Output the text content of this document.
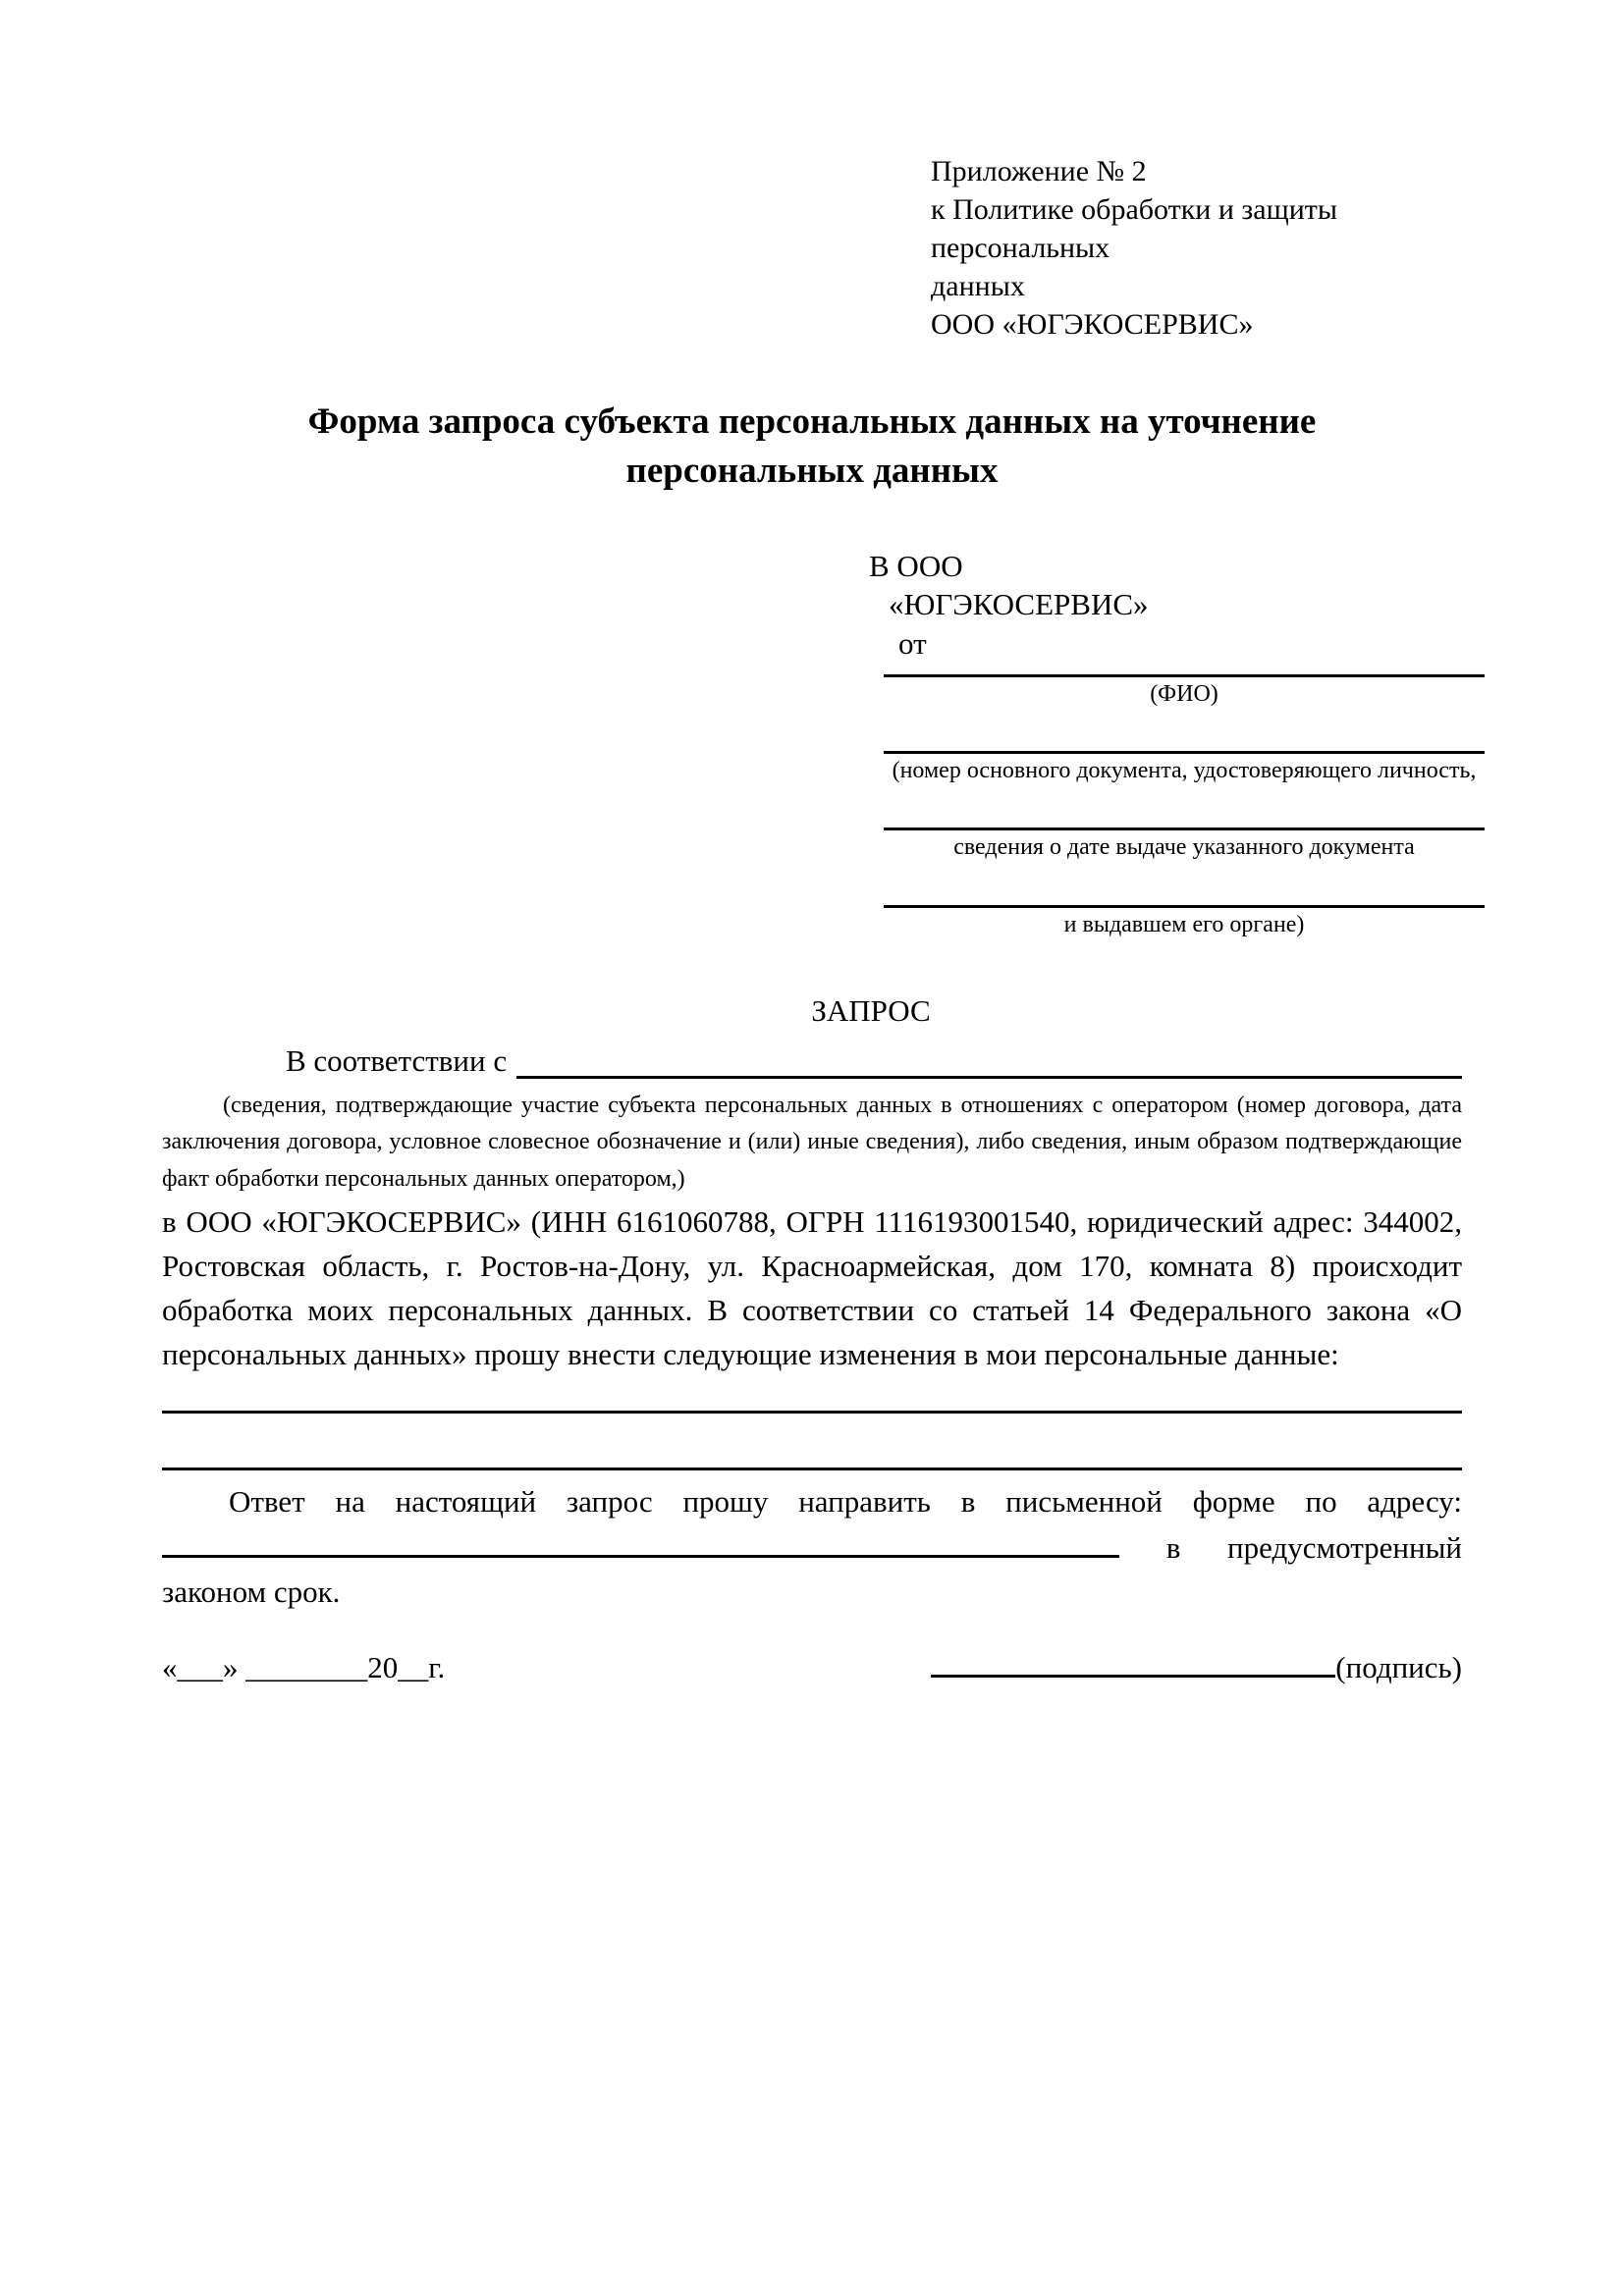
Приложение № 2
к Политике обработки и защиты персональных
данных
ООО «ЮГЭКОСЕРВИС»
Форма запроса субъекта персональных данных на уточнение
персональных данных
В ООО
«ЮГЭКОСЕРВИС»
от
(ФИО)
(номер основного документа, удостоверяющего личность,
сведения о дате выдаче указанного документа
и выдавшем его органе)
ЗАПРОС
В соответствии с

(сведения, подтверждающие участие субъекта персональных данных в отношениях с оператором (номер договора, дата заключения договора, условное словесное обозначение и (или) иные сведения), либо сведения, иным образом подтверждающие факт обработки персональных данных оператором,)

в ООО «ЮГЭКОСЕРВИС» (ИНН 6161060788, ОГРН 1116193001540, юридический адрес: 344002, Ростовская область, г. Ростов-на-Дону, ул. Красноармейская, дом 170, комната 8) происходит обработка моих персональных данных. В соответствии со статьей 14 Федерального закона «О персональных данных» прошу внести следующие изменения в мои персональные данные:

Ответ на настоящий запрос прошу направить в письменной форме по адресу:  в предусмотренный законом срок.

«___» ________20__г.	(подпись)
